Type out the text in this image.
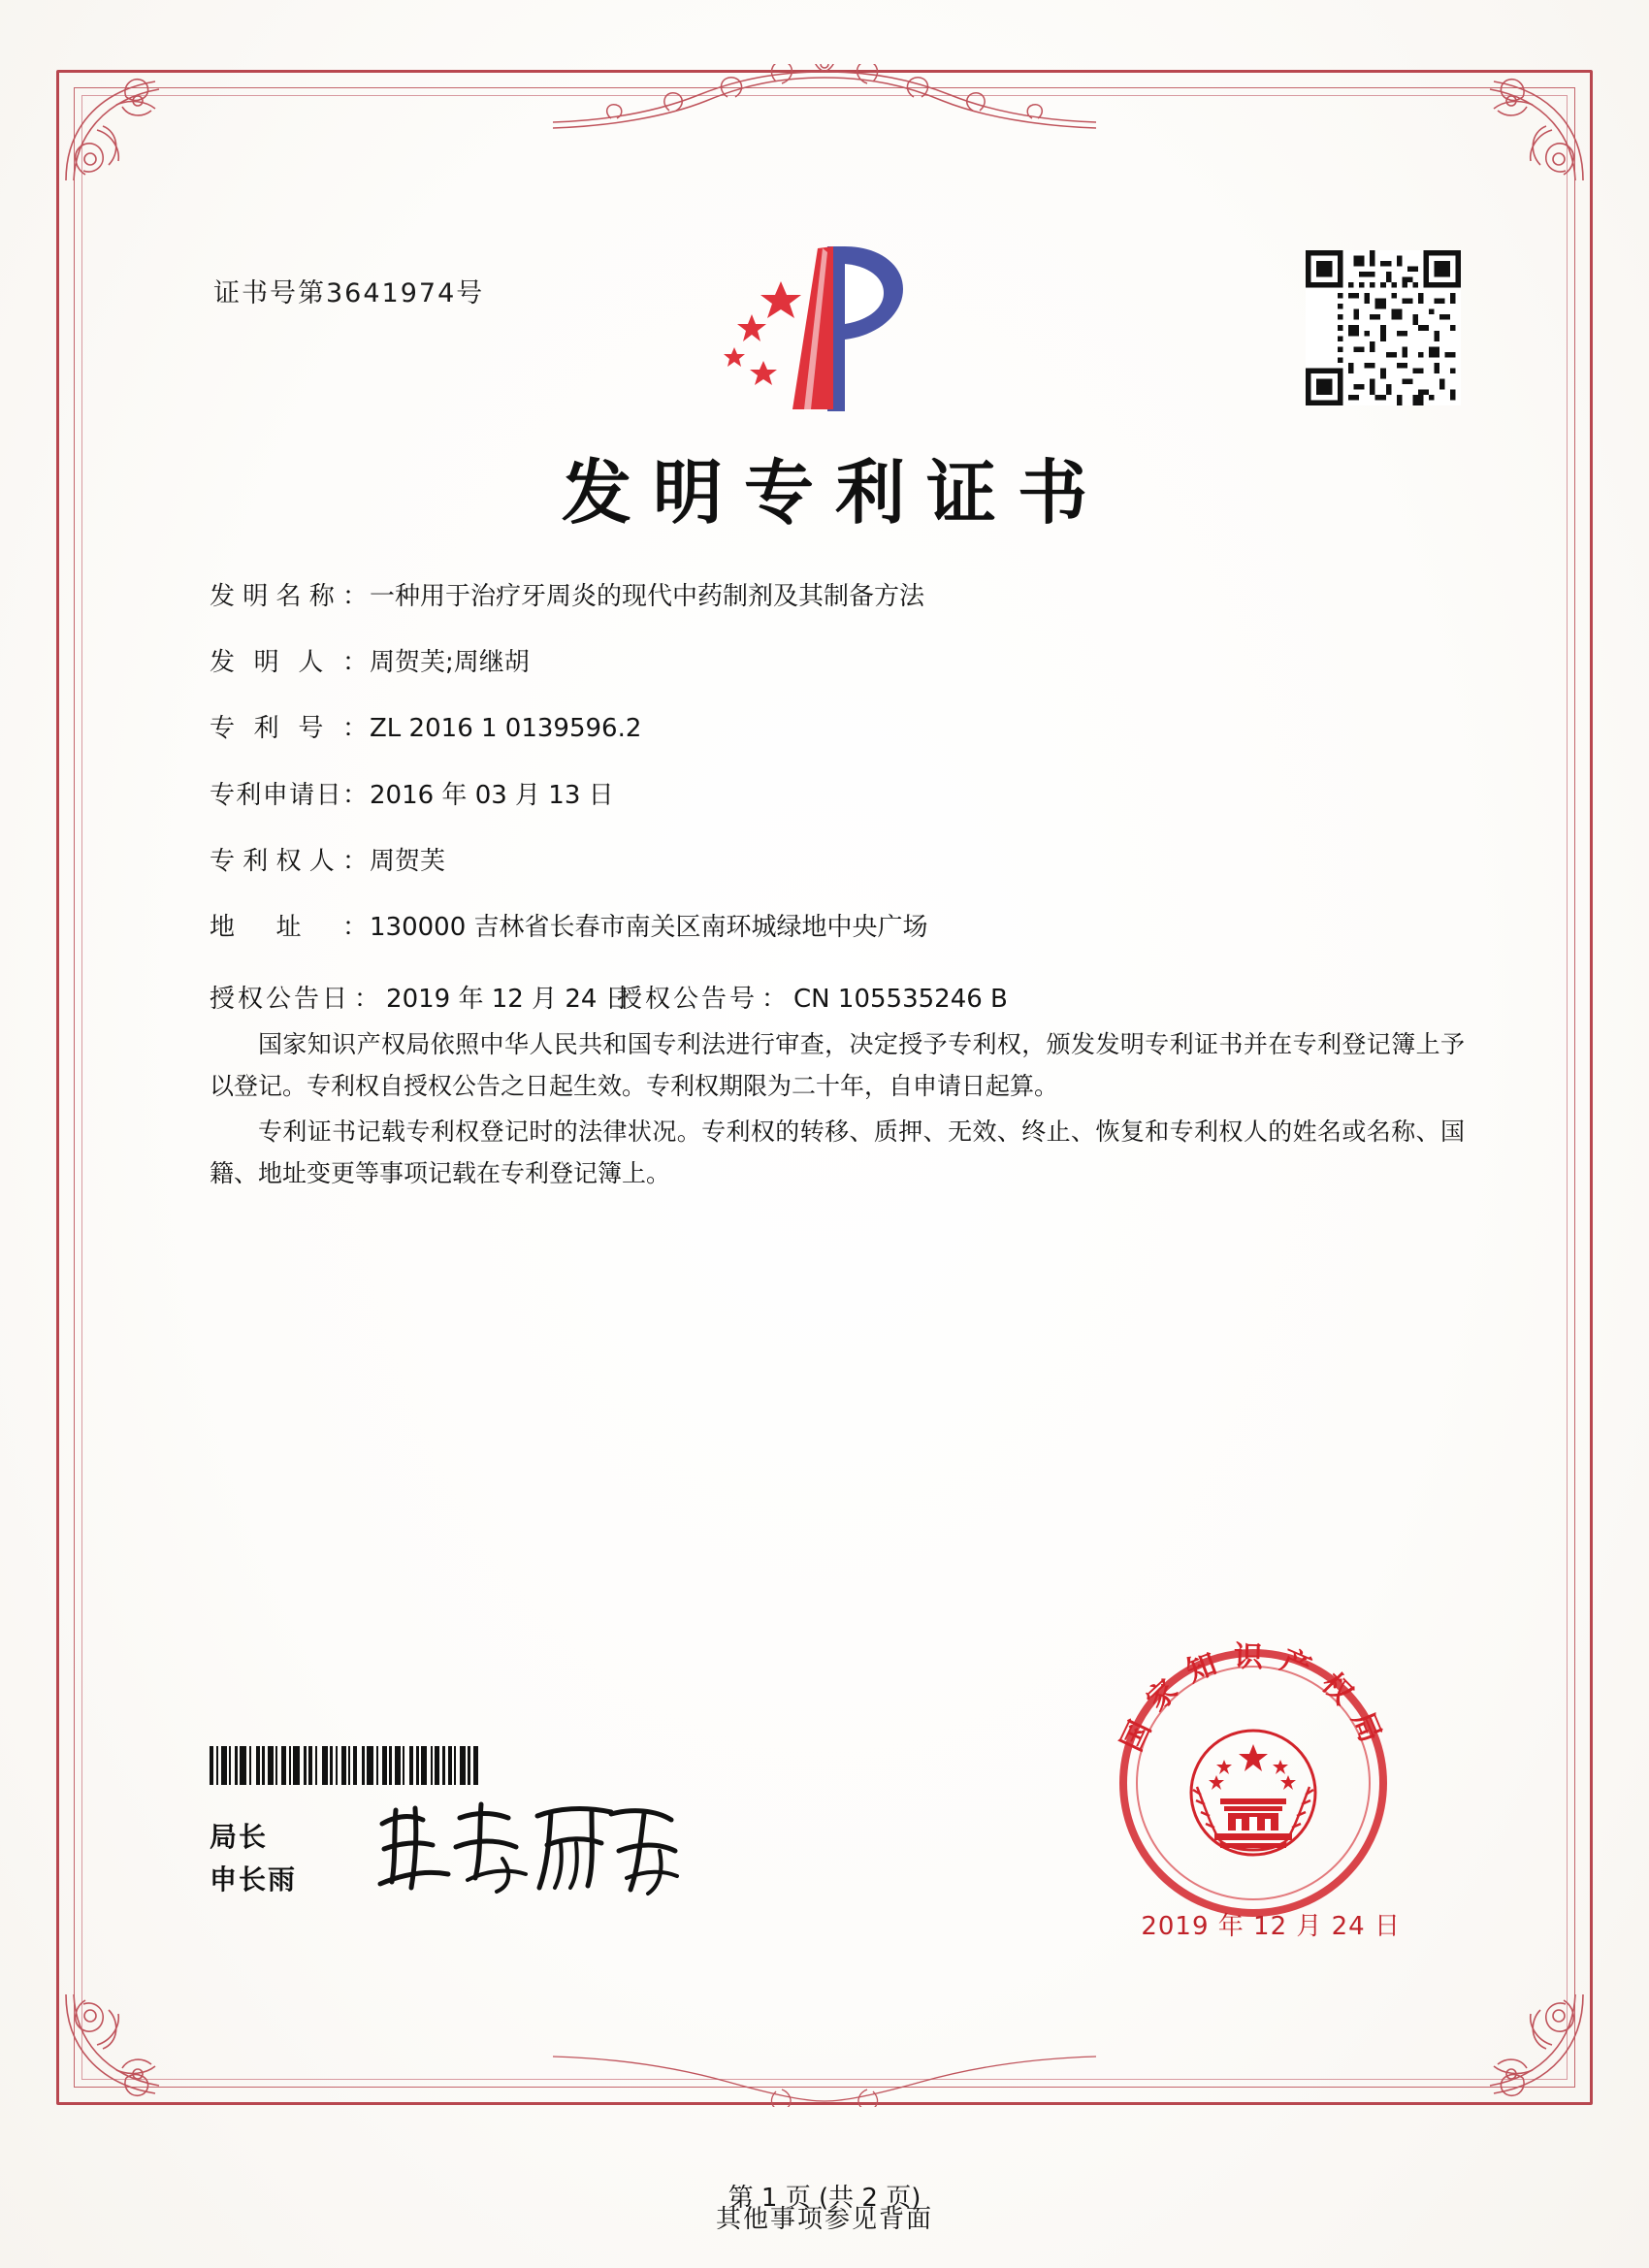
证书号第3641974号
发明专利证书
发 明 名 称 ： 一种用于治疗牙周炎的现代中药制剂及其制备方法
发 明 人 ： 周贺芙;周继胡
专 利 号 ： ZL 2016 1 0139596.2
专 利 申 请 日 ： 2016 年 03 月 13 日
专 利 权 人 ： 周贺芙
地 址 ： 130000 吉林省长春市南关区南环城绿地中央广场
授权公告日 ： 2019 年 12 月 24 日
授权公告号 ： CN 105535246 B

国家知识产权局依照中华人民共和国专利法进行审查，决定授予专利权，颁发发明专利证书并在专利登记簿上予以登记。专利权自授权公告之日起生效。专利权期限为二十年，自申请日起算。

专利证书记载专利权登记时的法律状况。专利权的转移、质押、无效、终止、恢复和专利权人的姓名或名称、国籍、地址变更等事项记载在专利登记簿上。

局长
申长雨
国家知识产权局
2019 年 12 月 24 日
第 1 页 (共 2 页)
其他事项参见背面
